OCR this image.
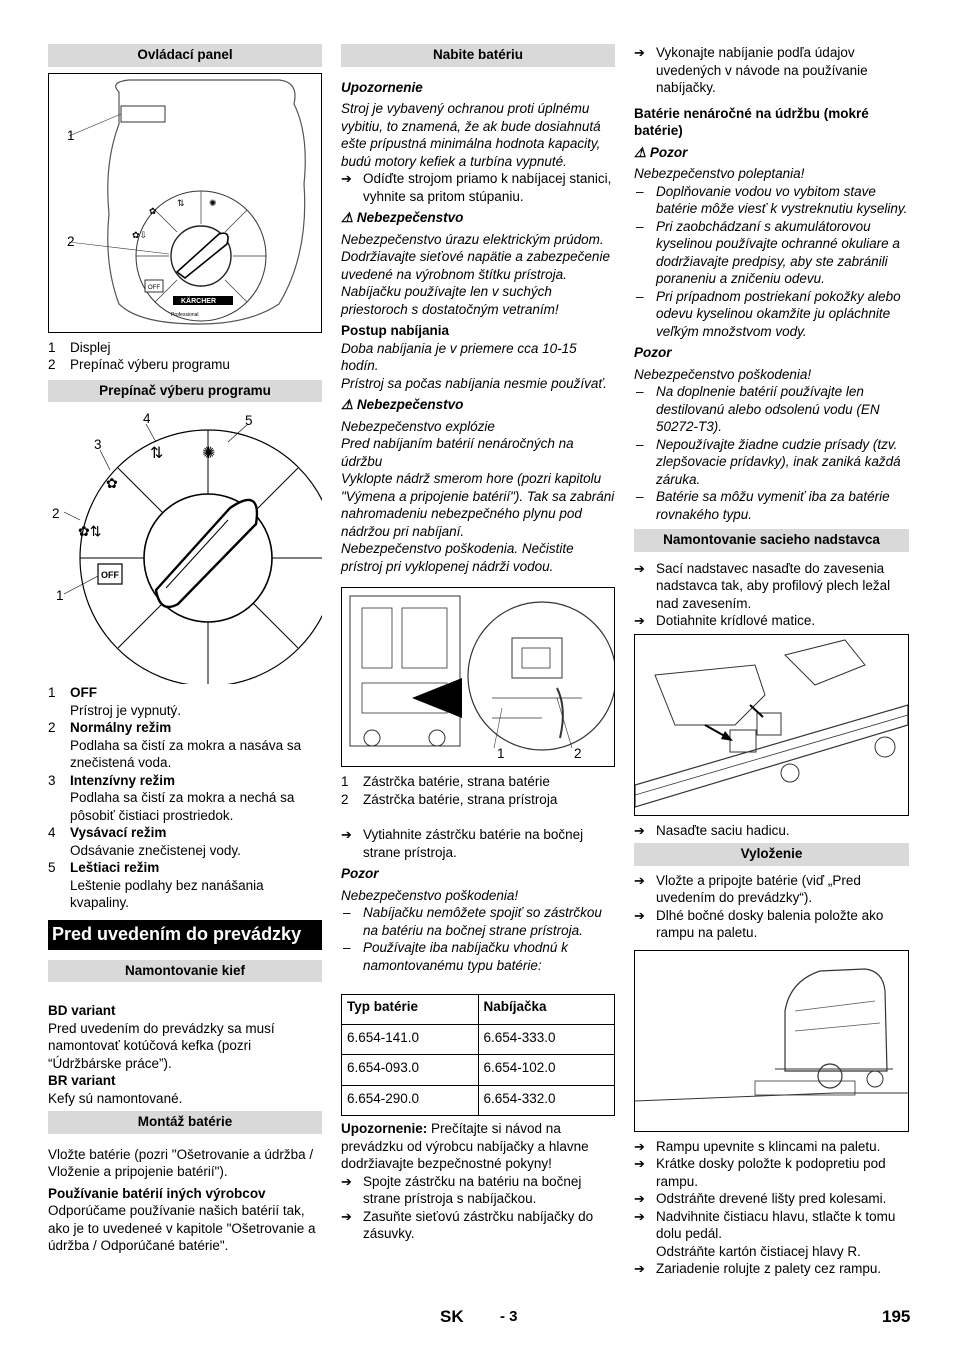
Ovládací panel
OFF
KÄRCHER
Professional
✿⇩
✿
⇅	✺
1
2

1 Displej

2 Prepínač výberu programu

Prepínač výberu programu
OFF
✿⇅
✿
⇅ ✺
1
2
3
4	5
1 OFF
Prístroj je vypnutý.
2 Normálny režim
Podlaha sa čistí za mokra a nasáva sa znečistená voda.
3 Intenzívny režim
Podlaha sa čistí za mokra a nechá sa pôsobiť čistiaci prostriedok.
4 Vysávací režim
Odsávanie znečistenej vody.
5 Leštiaci režim
Leštenie podlahy bez nanášania kvapaliny.
Pred uvedením do prevádzky
Namontovanie kief

BD variant

Pred uvedením do prevádzky sa musí namontovať kotúčová kefka (pozri “Údržbárske práce”).

BR variant

Kefy sú namontované.

Montáž batérie

Vložte batérie (pozri "Ošetrovanie a údržba / Vloženie a pripojenie batérií").

Používanie batérií iných výrobcov

Odporúčame používanie našich batérií tak, ako je to uvedeneé v kapitole "Ošetrovanie a údržba / Odporúčané batérie".

Nabite batériu

Upozornenie

Stroj je vybavený ochranou proti úplnému vybitiu, to znamená, že ak bude dosiahnutá ešte prípustná minimálna hodnota kapacity, budú motory kefiek a turbína vypnuté.

➔ Odíďte strojom priamo k nabíjacej stanici, vyhnite sa pritom stúpaniu.

⚠ Nebezpečenstvo

Nebezpečenstvo úrazu elektrickým prúdom. Dodržiavajte sieťové napätie a zabezpečenie uvedené na výrobnom štítku prístroja.

Nabíjačku používajte len v suchých priestoroch s dostatočným vetraním!

Postup nabíjania

Doba nabíjania je v priemere cca 10-15 hodín.

Prístroj sa počas nabíjania nesmie používať.

⚠ Nebezpečenstvo

Nebezpečenstvo explózie

Pred nabíjaním batérií nenáročných na údržbu

Vyklopte nádrž smerom hore (pozri kapitolu "Výmena a pripojenie batérií"). Tak sa zabráni nahromadeniu nebezpečného plynu pod nádržou pri nabíjaní.

Nebezpečenstvo poškodenia. Nečistite prístroj pri vyklopenej nádrži vodou.

1	2

1 Zástrčka batérie, strana batérie

2 Zástrčka batérie, strana prístroja

➔ Vytiahnite zástrčku batérie na bočnej strane prístroja.

Pozor

Nebezpečenstvo poškodenia!

– Nabíjačku nemôžete spojiť so zástrčkou na batériu na bočnej strane prístroja.

– Používajte iba nabíjačku vhodnú k namontovanému typu batérie:

Typ batérie	Nabíjačka
6.654-141.0	6.654-333.0
6.654-093.0	6.654-102.0
6.654-290.0	6.654-332.0

Upozornenie: Prečítajte si návod na prevádzku od výrobcu nabíjačky a hlavne dodržiavajte bezpečnostné pokyny!

➔ Spojte zástrčku na batériu na bočnej strane prístroja s nabíjačkou.

➔ Zasuňte sieťovú zástrčku nabíjačky do zásuvky.

➔ Vykonajte nabíjanie podľa údajov uvedených v návode na používanie nabíjačky.

Batérie nenáročné na údržbu (mokré batérie)

⚠ Pozor

Nebezpečenstvo poleptania!

– Doplňovanie vodou vo vybitom stave batérie môže viesť k vystreknutiu kyseliny.

– Pri zaobchádzaní s akumulátorovou kyselinou používajte ochranné okuliare a dodržiavajte predpisy, aby ste zabránili poraneniu a zničeniu odevu.

– Pri prípadnom postriekaní pokožky alebo odevu kyselinou okamžite ju opláchnite veľkým množstvom vody.

Pozor

Nebezpečenstvo poškodenia!

– Na doplnenie batérií používajte len destilovanú alebo odsolenú vodu (EN 50272-T3).

– Nepoužívajte žiadne cudzie prísady (tzv. zlepšovacie prídavky), inak zaniká každá záruka.

– Batérie sa môžu vymeniť iba za batérie rovnakého typu.

Namontovanie sacieho nadstavca

➔ Sací nadstavec nasaďte do zavesenia nadstavca tak, aby profilový plech ležal nad zavesením.

➔ Dotiahnite krídlové matice.

➔ Nasaďte saciu hadicu.

Vyloženie

➔ Vložte a pripojte batérie (viď „Pred uvedením do prevádzky“).

➔ Dlhé bočné dosky balenia položte ako rampu na paletu.

➔ Rampu upevnite s klincami na paletu.

➔ Krátke dosky položte k podopretiu pod rampu.

➔ Odstráňte drevené lišty pred kolesami.

➔ Nadvihnite čistiacu hlavu, stlačte k tomu dolu pedál.

Odstráňte kartón čistiacej hlavy R.

➔ Zariadenie rolujte z palety cez rampu.

SK - 3	195
